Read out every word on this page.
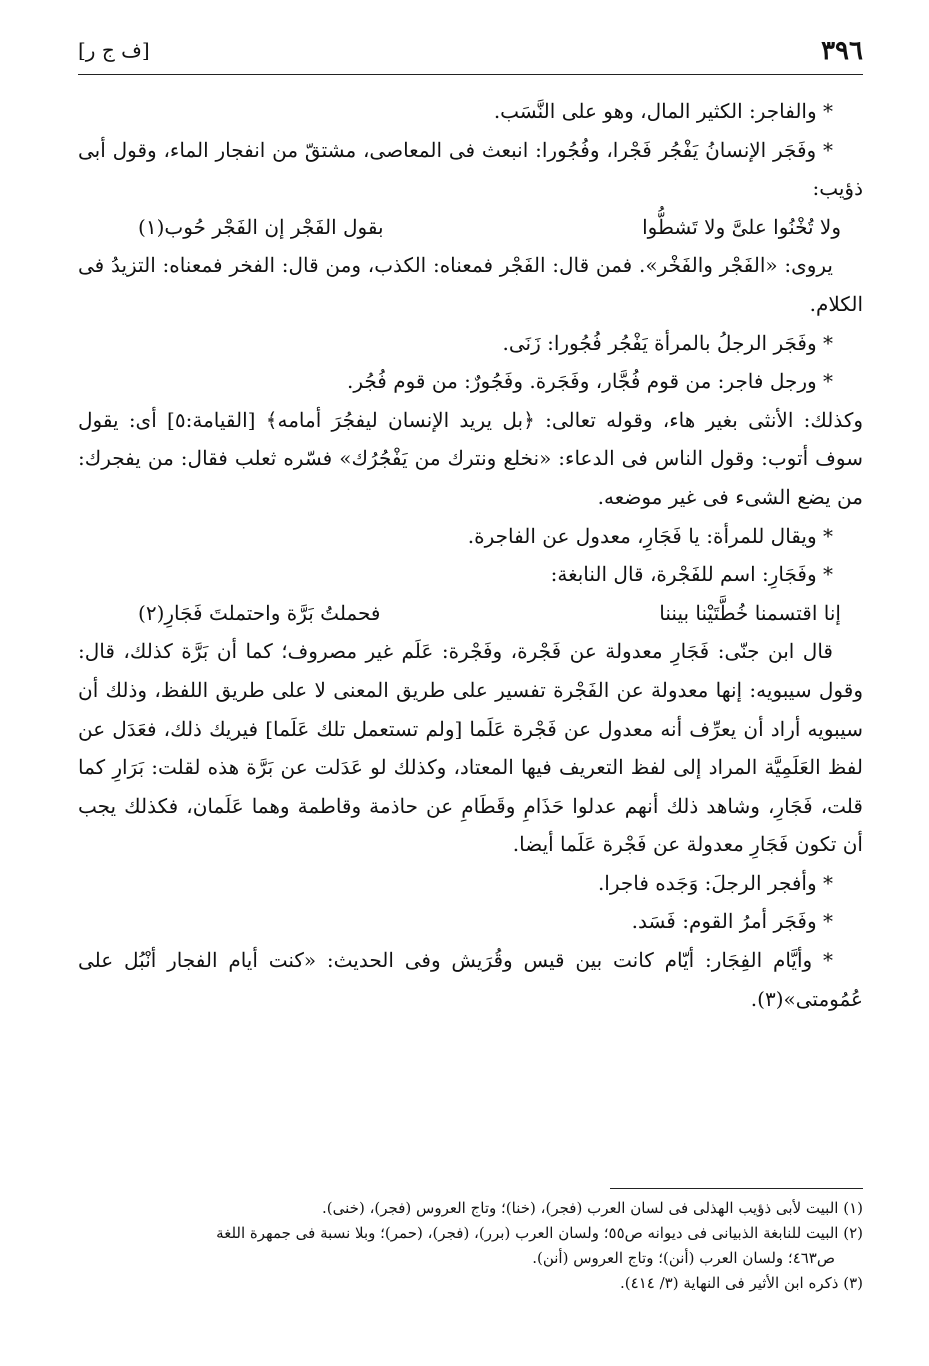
٣٩٦
[ف ج ر]

* والفاجر: الكثير المال، وهو على النَّسَب.

* وفَجَر الإنسانُ يَفْجُر فَجْرا، وفُجُورا: انبعث فى المعاصى، مشتقّ من انفجار الماء، وقول أبى ذؤيب:

ولا تُخْنُوا علىَّ ولا تَشطُّوا
بقول الفَجْر إن الفَجْر حُوب(١)

يروى: «الفَجْر والفَخْر». فمن قال: الفَجْر فمعناه: الكذب، ومن قال: الفخر فمعناه: التزيدُ فى الكلام.

* وفَجَر الرجلُ بالمرأة يَفْجُر فُجُورا: زَنَى.

* ورجل فاجر: من قوم فُجَّار، وفَجَرة. وفَجُورٌ: من قوم فُجُر.

وكذلك: الأنثى بغير هاء، وقوله تعالى: ﴿بل يريد الإنسان ليفجُرَ أمامه﴾ [القيامة:٥] أى: يقول سوف أتوب: وقول الناس فى الدعاء: «نخلع ونترك من يَفْجُرُك» فسّره ثعلب فقال: من يفجرك: من يضع الشىء فى غير موضعه.

* ويقال للمرأة: يا فَجَارِ، معدول عن الفاجرة.

* وفَجَارِ: اسم للفَجْرة، قال النابغة:

إنا اقتسمنا خُطَّتَيْنا بيننا
فحملتُ بَرَّة واحتملتَ فَجَارِ(٢)

قال ابن جنّى: فَجَارِ معدولة عن فَجْرة، وفَجْرة: عَلَم غير مصروف؛ كما أن بَرَّة كذلك، قال: وقول سيبويه: إنها معدولة عن الفَجْرة تفسير على طريق المعنى لا على طريق اللفظ، وذلك أن سيبويه أراد أن يعرِّف أنه معدول عن فَجْرة عَلَما [ولم تستعمل تلك عَلَما] فيريك ذلك، فعَدَل عن لفظ العَلَمِيَّة المراد إلى لفظ التعريف فيها المعتاد، وكذلك لو عَدَلت عن بَرَّة هذه لقلت: بَرَارِ كما قلت، فَجَارِ، وشاهد ذلك أنهم عدلوا حَذَامِ وقَطَامِ عن حاذمة وقاطمة وهما عَلَمان، فكذلك يجب أن تكون فَجَارِ معدولة عن فَجْرة عَلَما أيضا.

* وأفجر الرجلَ: وَجَده فاجرا.

* وفَجَر أمرُ القوم: فَسَد.

* وأيَّام الفِجَار: أيّام كانت بين قيس وقُرَيش وفى الحديث: «كنت أيام الفجار أنْبُل على عُمُومتى»(٣).

(١) البيت لأبى ذؤيب الهذلى فى لسان العرب (فجر)، (خنا)؛ وتاج العروس (فجر)، (خنى).

(٢) البيت للنابغة الذبيانى فى ديوانه ص٥٥؛ ولسان العرب (برر)، (فجر)، (حمر)؛ وبلا نسبة فى جمهرة اللغة

ص٤٦٣؛ ولسان العرب (أنن)؛ وتاج العروس (أنن).

(٣) ذكره ابن الأثير فى النهاية (٣/ ٤١٤).
